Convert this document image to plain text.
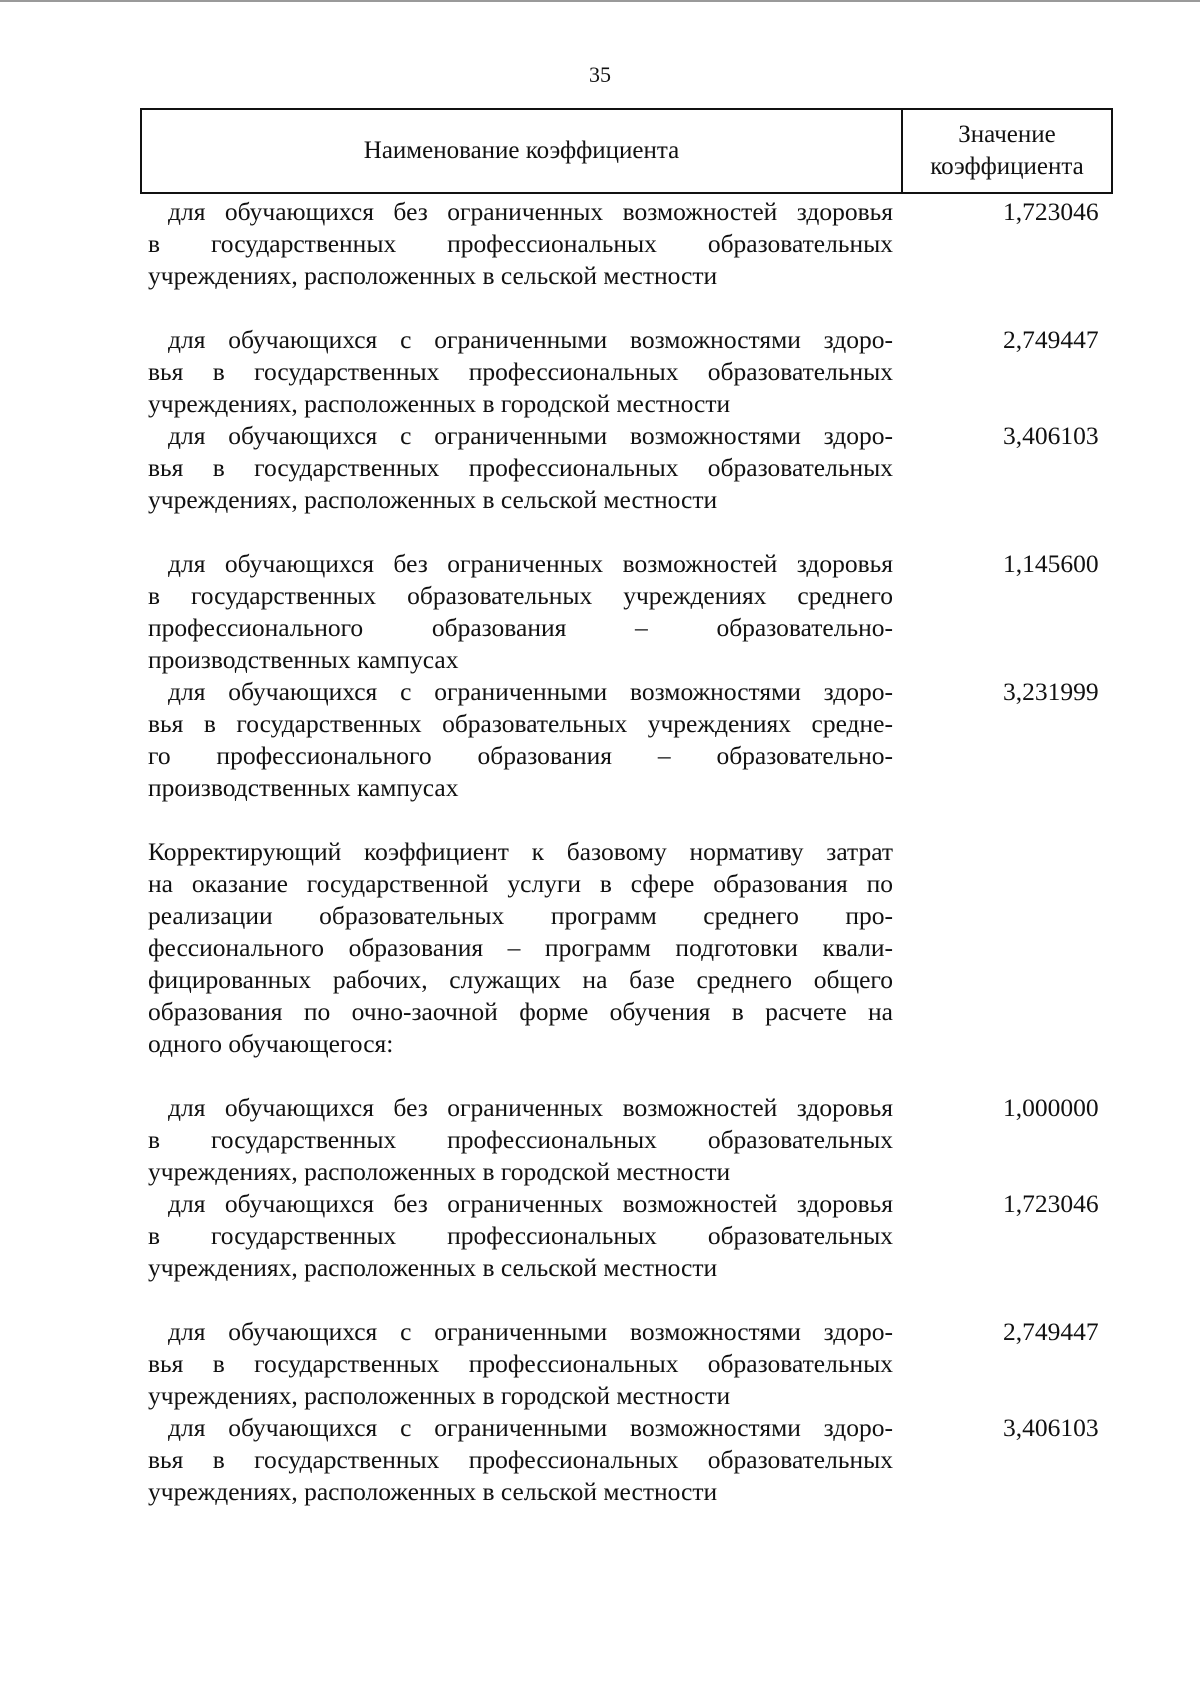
35
Наименование коэффициента
Значение
коэффициента
для обучающихся без ограниченных возможностей здоровья
в государственных профессиональных образовательных
учреждениях, расположенных в сельской местности
1,723046
для обучающихся с ограниченными возможностями здоро-
вья в государственных профессиональных образовательных
учреждениях, расположенных в городской местности
2,749447
для обучающихся с ограниченными возможностями здоро-
вья в государственных профессиональных образовательных
учреждениях, расположенных в сельской местности
3,406103
для обучающихся без ограниченных возможностей здоровья
в государственных образовательных учреждениях среднего
профессионального образования – образовательно-
производственных кампусах
1,145600
для обучающихся с ограниченными возможностями здоро-
вья в государственных образовательных учреждениях средне-
го профессионального образования – образовательно-
производственных кампусах
3,231999
Корректирующий коэффициент к базовому нормативу затрат
на оказание государственной услуги в сфере образования по
реализации образовательных программ среднего про-
фессионального образования – программ подготовки квали-
фицированных рабочих, служащих на базе среднего общего
образования по очно-заочной форме обучения в расчете на
одного обучающегося:
для обучающихся без ограниченных возможностей здоровья
в государственных профессиональных образовательных
учреждениях, расположенных в городской местности
1,000000
для обучающихся без ограниченных возможностей здоровья
в государственных профессиональных образовательных
учреждениях, расположенных в сельской местности
1,723046
для обучающихся с ограниченными возможностями здоро-
вья в государственных профессиональных образовательных
учреждениях, расположенных в городской местности
2,749447
для обучающихся с ограниченными возможностями здоро-
вья в государственных профессиональных образовательных
учреждениях, расположенных в сельской местности
3,406103
